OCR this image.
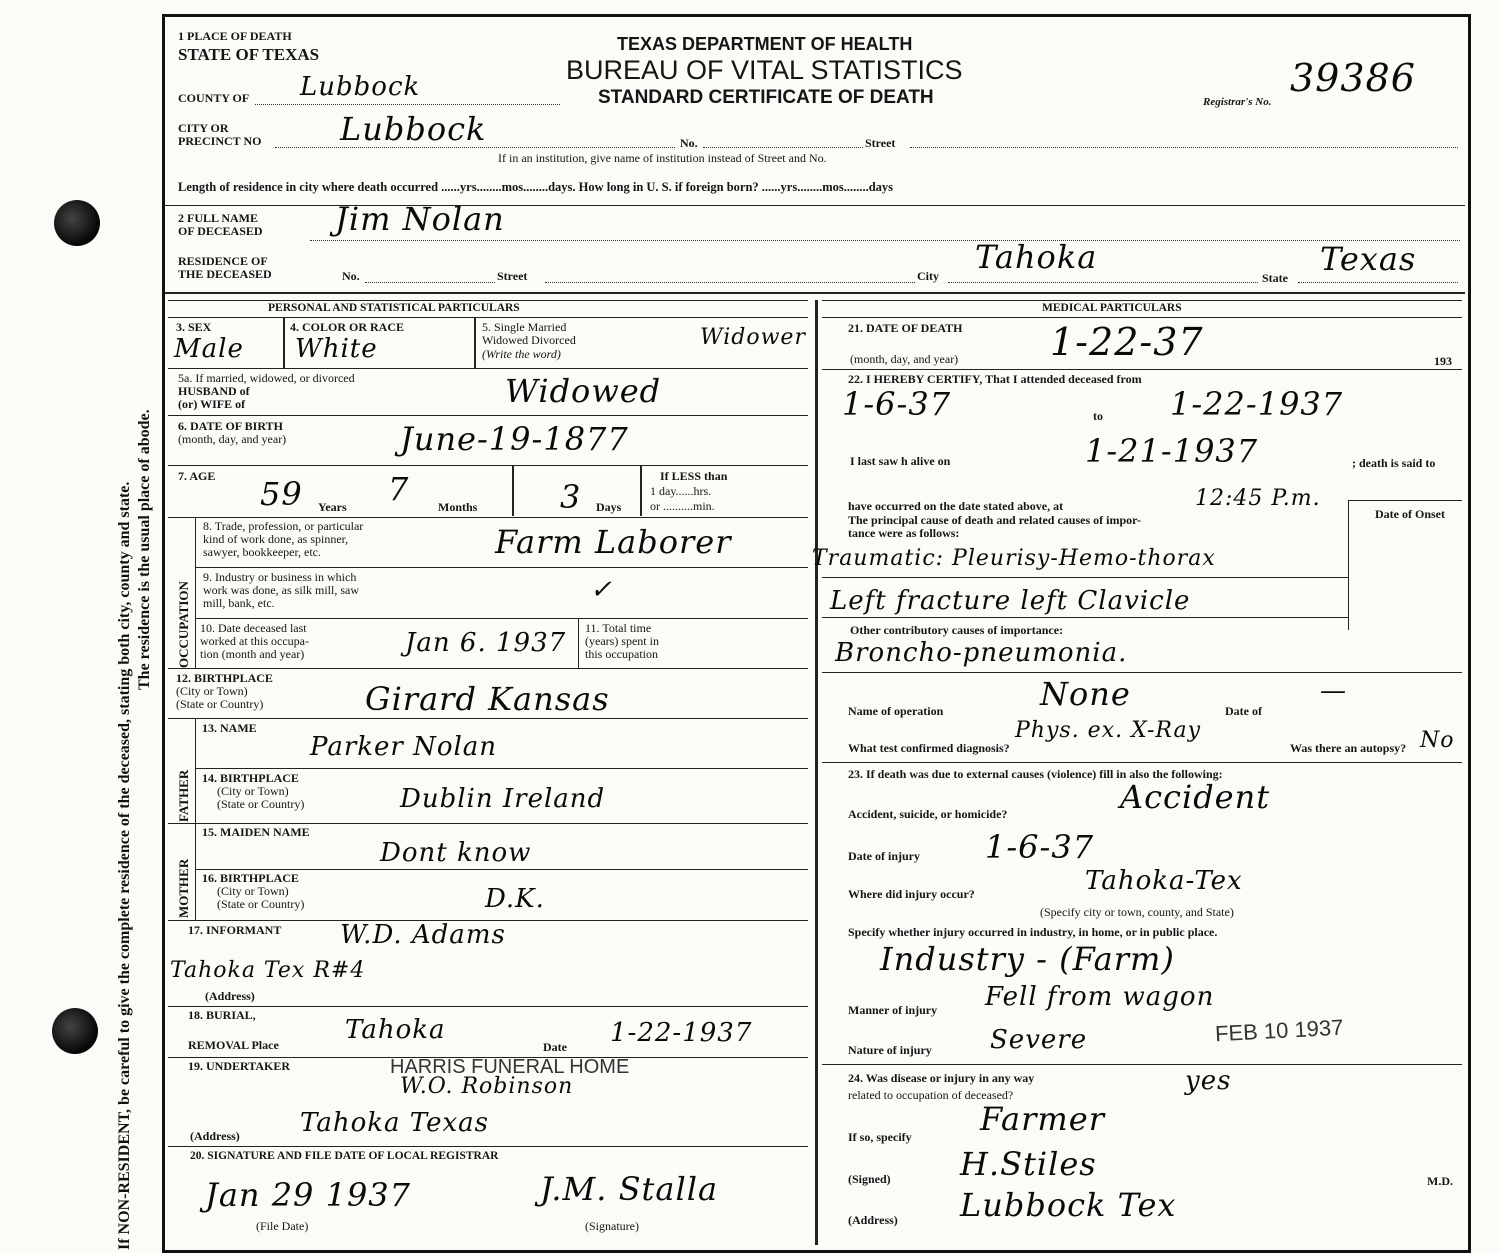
If NON-RESIDENT, be careful to give the complete residence of the deceased, stating both city, county and state. The residence is the usual place of abode.
1 PLACE OF DEATH
STATE OF TEXAS
TEXAS DEPARTMENT OF HEALTH
BUREAU OF VITAL STATISTICS
STANDARD CERTIFICATE OF DEATH	Registrar's No.
39386
COUNTY OF Lubbock
CITY OR
PRECINCT NO Lubbock	No.	Street
If in an institution, give name of institution instead of Street and No.
Length of residence in city where death occurred ......yrs........mos........days. How long in U. S. if foreign born? ......yrs........mos........days
2 FULL NAME
OF DECEASED Jim Nolan
RESIDENCE OF
THE DECEASED	No.	Street	City Tahoka
State Texas
PERSONAL AND STATISTICAL PARTICULARS
3. SEX
Male
4. COLOR OR RACE
White
5. Single Married
Widowed Divorced
(Write the word)
Widower
5a. If married, widowed, or divorced
HUSBAND of
(or) WIFE of	Widowed
6. DATE OF BIRTH
(month, day, and year)	June-19-1877
7. AGE 59 Years 7 Months	3 Days
If LESS than
1 day......hrs.
or ..........min.
OCCUPATION
8. Trade, profession, or particular
kind of work done, as spinner,
sawyer, bookkeeper, etc.	Farm Laborer
9. Industry or business in which
work was done, as silk mill, saw
mill, bank, etc.	✓
10. Date deceased last
worked at this occupa-
tion (month and year)	Jan 6. 1937 11. Total time
(years) spent in
this occupation
12. BIRTHPLACE
(City or Town)
(State or Country)	Girard Kansas
FATHER
13. NAME
Parker Nolan
14. BIRTHPLACE
(City or Town)
(State or Country)	Dublin Ireland
MOTHER
15. MAIDEN NAME
Dont know
16. BIRTHPLACE
(City or Town)
(State or Country)	D.K.
17. INFORMANT W.D. Adams
Tahoka Tex R#4
(Address)
18. BURIAL,
REMOVAL Place	Tahoka
Date 1-22-1937
19. UNDERTAKER	HARRIS FUNERAL HOME
W.O. Robinson
(Address) Tahoka Texas
20. SIGNATURE AND FILE DATE OF LOCAL REGISTRAR
Jan 29 1937
(File Date)
J.M. Stalla
(Signature)
MEDICAL PARTICULARS
21. DATE OF DEATH
(month, day, and year) 1-22-37	193
22. I HEREBY CERTIFY, That I attended deceased from
1-6-37	to 1-22-1937
I last saw h alive on	1-21-1937	; death is said to
have occurred on the date stated above, at	12:45 P.m.
The principal cause of death and related causes of impor-
tance were as follows:
Date of Onset
Traumatic: Pleurisy-Hemo-thorax
Left fracture left Clavicle
Other contributory causes of importance:
Broncho-pneumonia.
Name of operation	None	Date of
—
What test confirmed diagnosis?
Phys. ex. X-Ray
Was there an autopsy? No
23. If death was due to external causes (violence) fill in also the following:
Accident, suicide, or homicide?	Accident
Date of injury 1-6-37
Where did injury occur?	Tahoka-Tex
(Specify city or town, county, and State)
Specify whether injury occurred in industry, in home, or in public place.
Industry - (Farm)
Manner of injury Fell from wagon
Nature of injury Severe	FEB 10 1937
24. Was disease or injury in any way
related to occupation of deceased?	yes
If so, specify Farmer
(Signed) H.Stiles	M.D.
(Address) Lubbock Tex
